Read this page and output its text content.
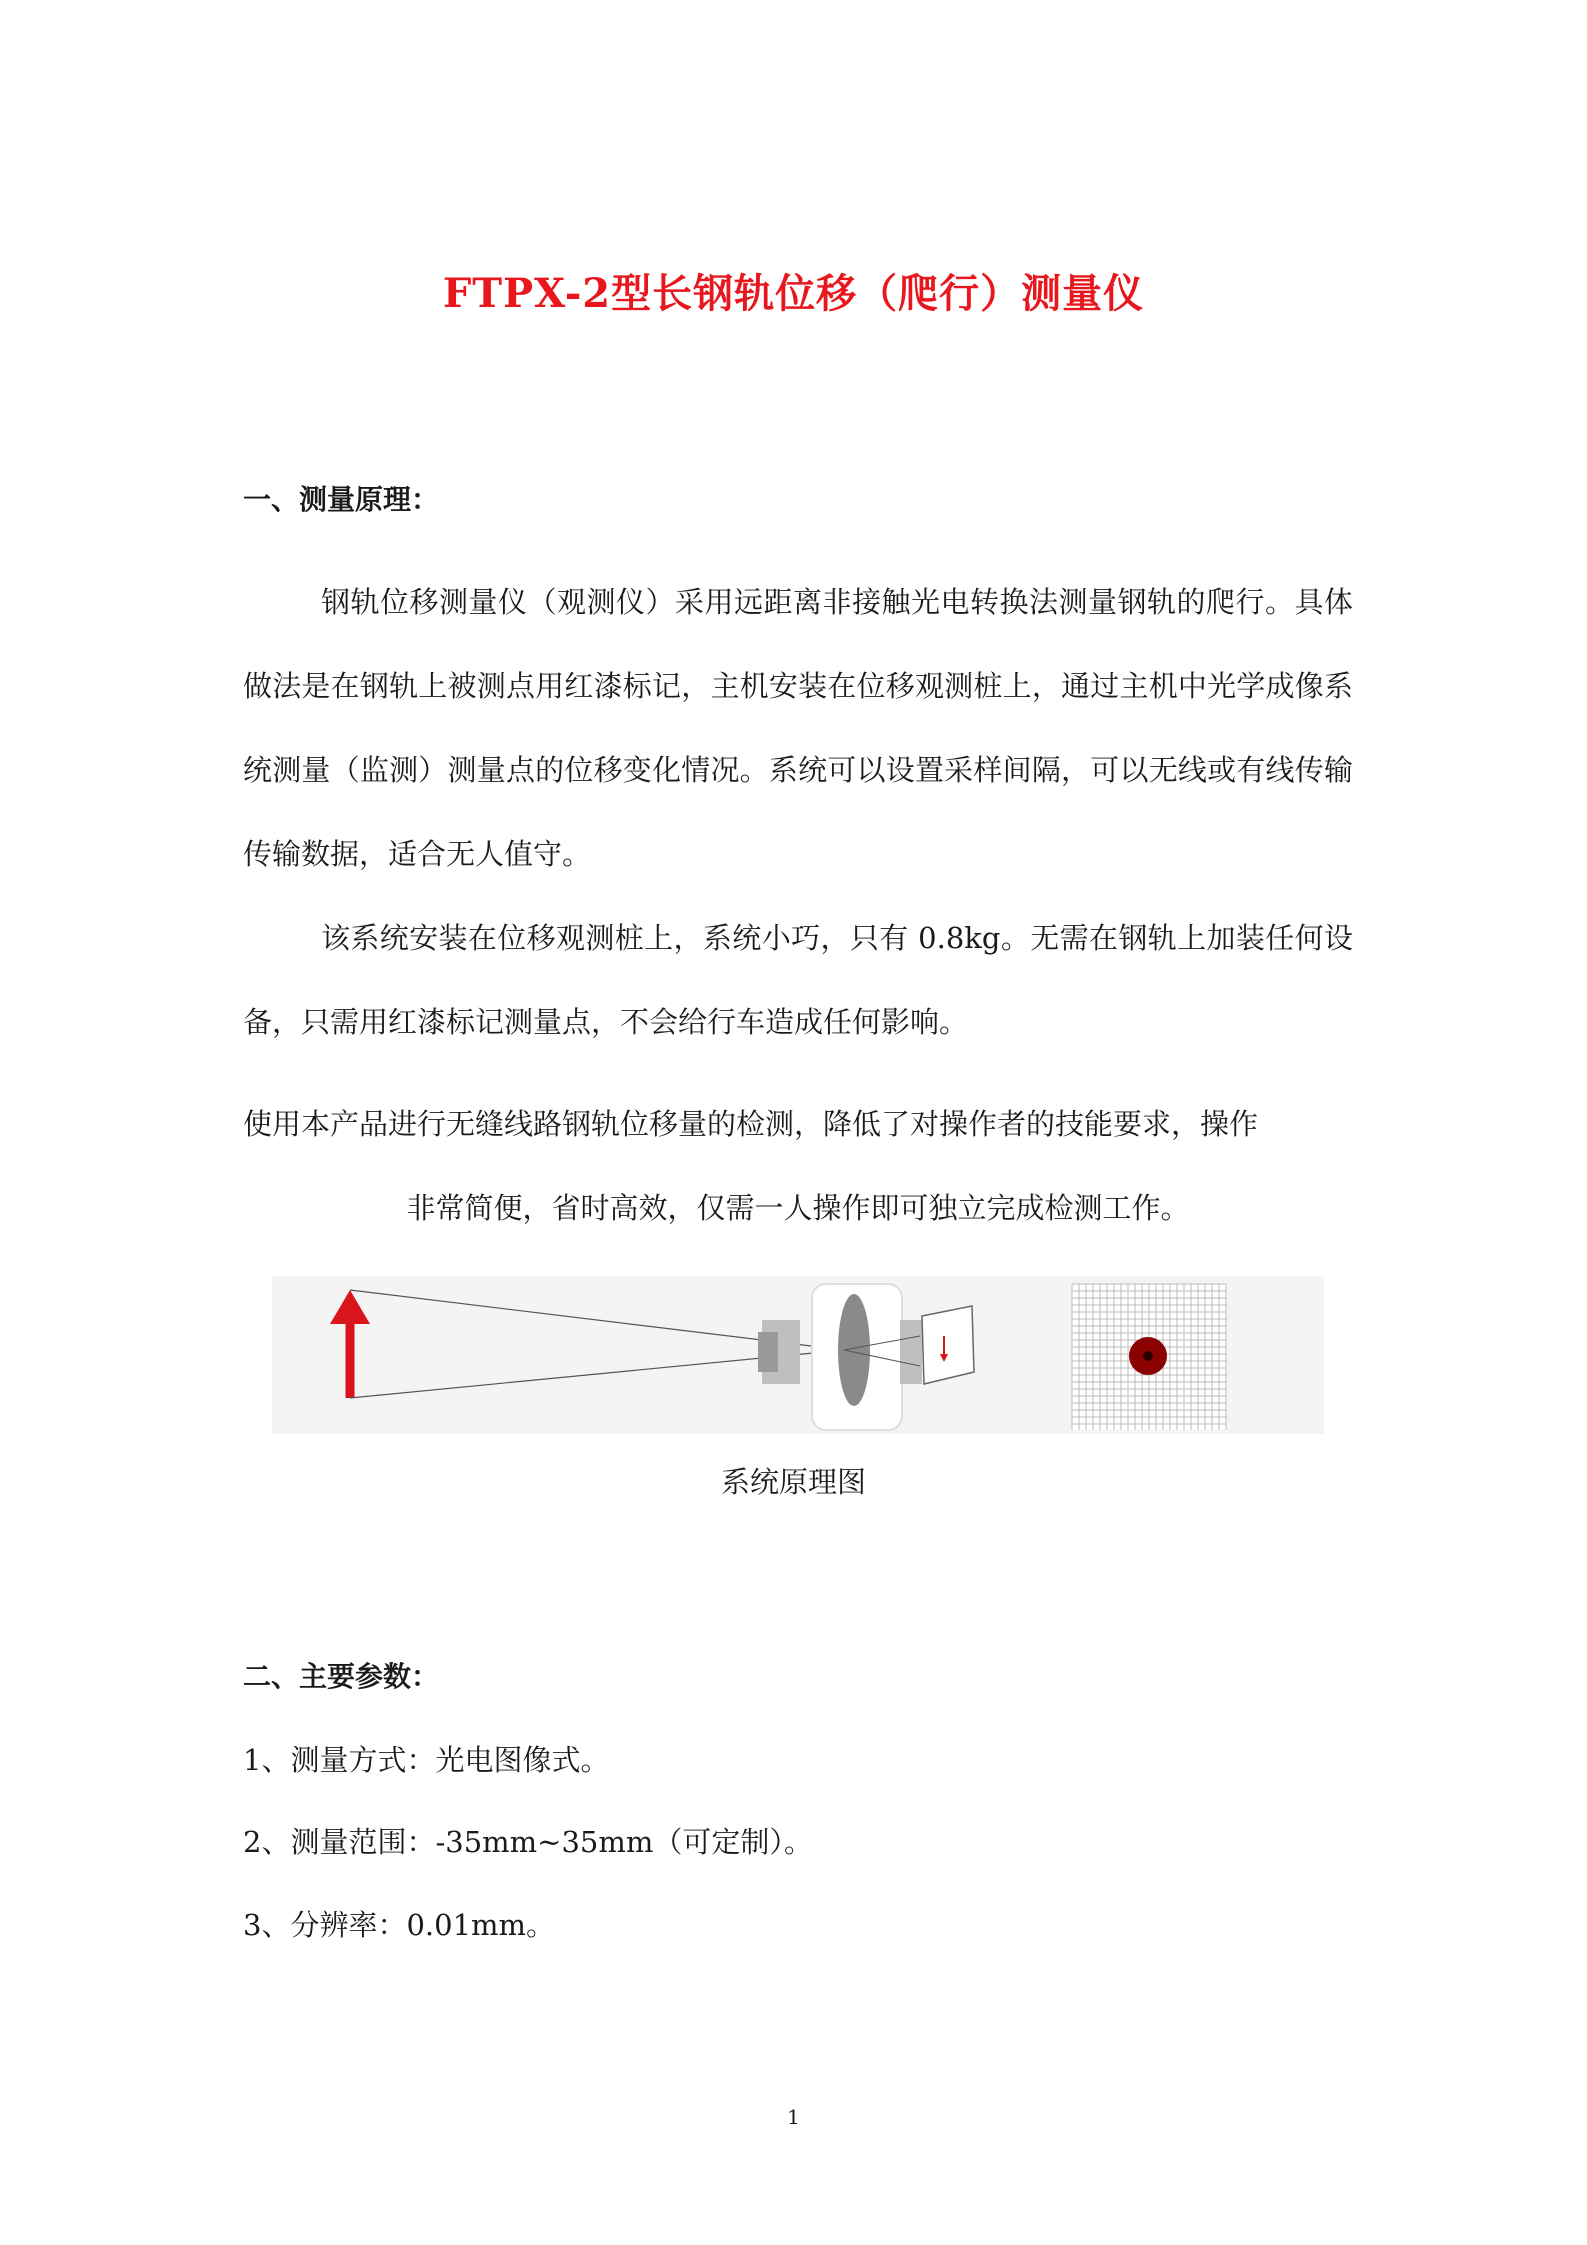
FTPX-2型长钢轨位移（爬行）测量仪
一、测量原理：

钢轨位移测量仪（观测仪）采用远距离非接触光电转换法测量钢轨的爬行。具体做法是在钢轨上被测点用红漆标记，主机安装在位移观测桩上，通过主机中光学成像系统测量（监测）测量点的位移变化情况。系统可以设置采样间隔，可以无线或有线传输传输数据，适合无人值守。

该系统安装在位移观测桩上，系统小巧，只有 0.8kg。无需在钢轨上加装任何设备，只需用红漆标记测量点，不会给行车造成任何影响。

使用本产品进行无缝线路钢轨位移量的检测，降低了对操作者的技能要求，操作
非常简便，省时高效，仅需一人操作即可独立完成检测工作。

系统原理图

二、主要参数：

1、测量方式：光电图像式。

2、测量范围：-35mm~35mm（可定制）。

3、分辨率：0.01mm。

1
